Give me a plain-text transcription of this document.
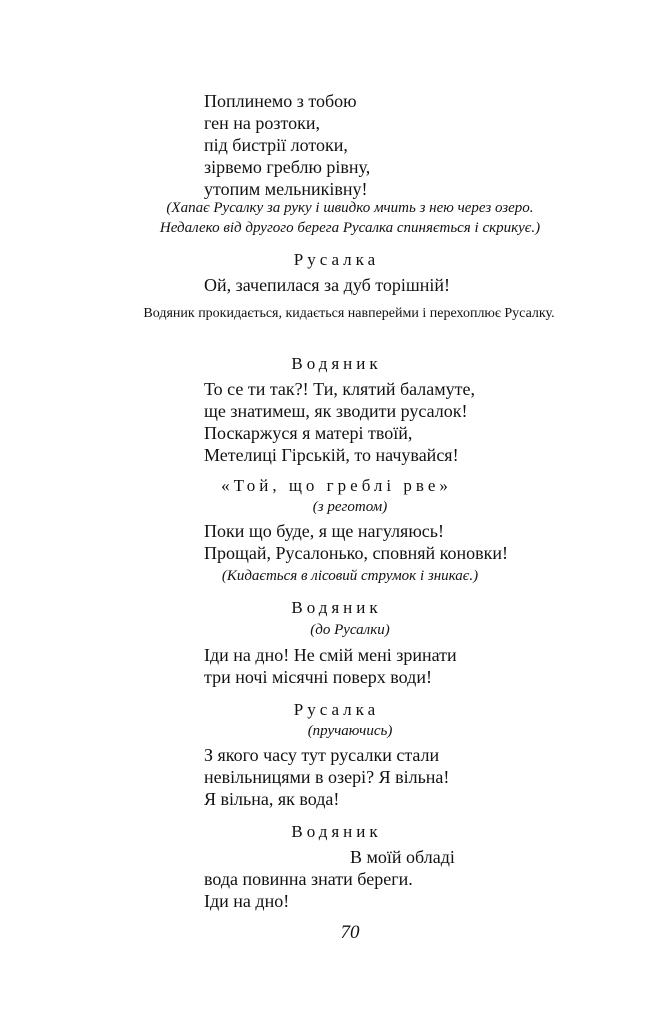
Поплинемо з тобою
ген на розтоки,
під бистрії лотоки,
зірвемо греблю рівну,
утопим мельниківну!
(Хапає Русалку за руку і швидко мчить з нею через озеро.
Недалеко від другого берега Русалка спиняється і скрикує.)
Русалка
Ой, зачепилася за дуб торішній!
Водяник прокидається, кидається навперейми і перехоплює Русалку.
Водяник
То се ти так?! Ти, клятий баламуте,
ще знатимеш, як зводити русалок!
Поскаржуся я матері твоїй,
Метелиці Гірській, то начувайся!
«Той, що греблі рве»
(з реготом)
Поки що буде, я ще нагуляюсь!
Прощай, Русалонько, сповняй коновки!
(Кидається в лісовий струмок і зникає.)
Водяник
(до Русалки)
Іди на дно! Не смій мені зринати
три ночі місячні поверх води!
Русалка
(пручаючись)
З якого часу тут русалки стали
невільницями в озері? Я вільна!
Я вільна, як вода!
Водяник
В моїй обладі
вода повинна знати береги.
Іди на дно!
70
